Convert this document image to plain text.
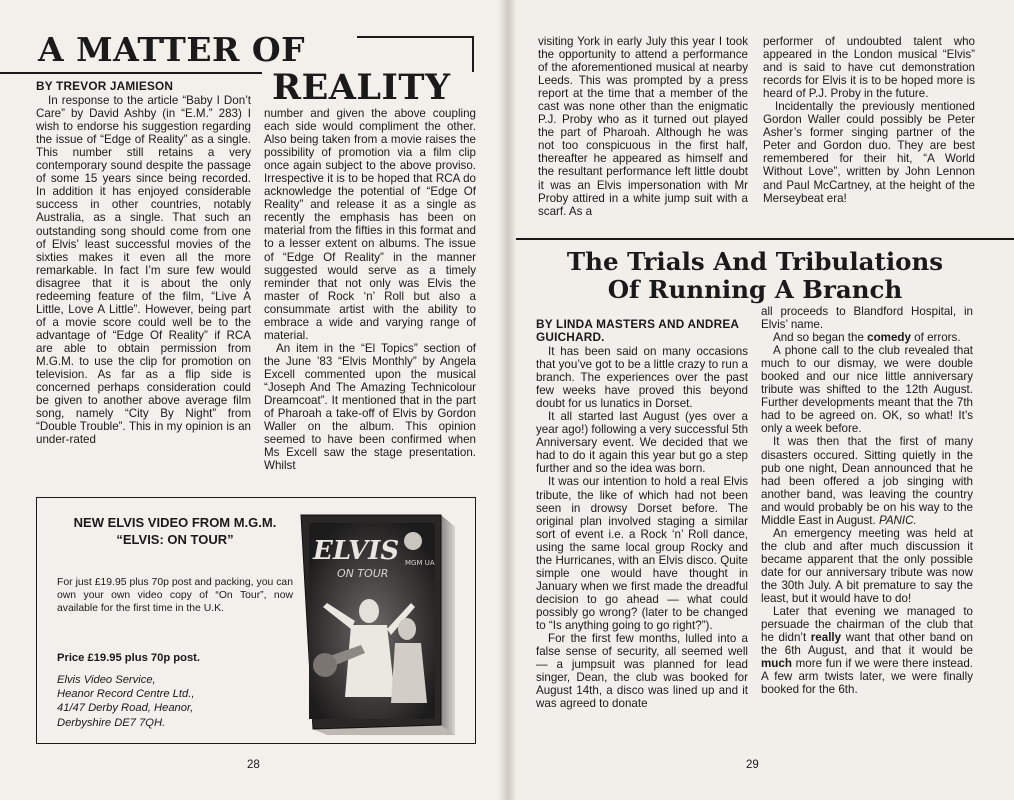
A MATTER OF
REALITY
BY TREVOR JAMIESON

In response to the article “Baby I Don’t Care” by David Ashby (in “E.M.” 283) I wish to endorse his suggestion regarding the issue of “Edge of Reality” as a single. This number still retains a very contemporary sound despite the passage of some 15 years since being recorded. In addition it has enjoyed considerable success in other countries, notably Australia, as a single. That such an outstanding song should come from one of Elvis’ least successful movies of the sixties makes it even all the more remarkable. In fact I’m sure few would disagree that it is about the only redeeming feature of the film, “Live A Little, Love A Little”. However, being part of a movie score could well be to the advantage of “Edge Of Reality” if RCA are able to obtain permission from M.G.M. to use the clip for promotion on television. As far as a flip side is concerned perhaps consideration could be given to another above average film song, namely “City By Night” from “Double Trouble”. This in my opinion is an under-rated

number and given the above coupling each side would compliment the other. Also being taken from a movie raises the possibility of promotion via a film clip once again subject to the above proviso. Irrespective it is to be hoped that RCA do acknowledge the potential of “Edge Of Reality” and release it as a single as recently the emphasis has been on material from the fifties in this format and to a lesser extent on albums. The issue of “Edge Of Reality” in the manner suggested would serve as a timely reminder that not only was Elvis the master of Rock ‘n’ Roll but also a consummate artist with the ability to embrace a wide and varying range of material.

An item in the “El Topics” section of the June ’83 “Elvis Monthly” by Angela Excell commented upon the musical “Joseph And The Amazing Technicolour Dreamcoat”. It mentioned that in the part of Pharoah a take-off of Elvis by Gordon Waller on the album. This opinion seemed to have been confirmed when Ms Excell saw the stage presentation. Whilst

NEW ELVIS VIDEO FROM M.G.M.
“ELVIS: ON TOUR”
For just £19.95 plus 70p post and packing, you can own your own video copy of “On Tour”, now available for the first time in the U.K.
Price £19.95 plus 70p post.
Elvis Video Service,
Heanor Record Centre Ltd.,
41/47 Derby Road, Heanor,
Derbyshire DE7 7QH.
ELVIS
ON TOUR
MGM UA
28

visiting York in early July this year I took the opportunity to attend a performance of the aforementioned musical at nearby Leeds. This was prompted by a press report at the time that a member of the cast was none other than the enigmatic P.J. Proby who as it turned out played the part of Pharoah. Although he was not too conspicuous in the first half, thereafter he appeared as himself and the resultant performance left little doubt it was an Elvis impersonation with Mr Proby attired in a white jump suit with a scarf. As a

performer of undoubted talent who appeared in the London musical “Elvis” and is said to have cut demonstration records for Elvis it is to be hoped more is heard of P.J. Proby in the future.

Incidentally the previously mentioned Gordon Waller could possibly be Peter Asher’s former singing partner of the Peter and Gordon duo. They are best remembered for their hit, “A World Without Love”, written by John Lennon and Paul McCartney, at the height of the Merseybeat era!

The Trials And Tribulations
Of Running A Branch
BY LINDA MASTERS AND ANDREA GUICHARD.

It has been said on many occasions that you’ve got to be a little crazy to run a branch. The experiences over the past few weeks have proved this beyond doubt for us lunatics in Dorset.

It all started last August (yes over a year ago!) following a very successful 5th Anniversary event. We decided that we had to do it again this year but go a step further and so the idea was born.

It was our intention to hold a real Elvis tribute, the like of which had not been seen in drowsy Dorset before. The original plan involved staging a similar sort of event i.e. a Rock ‘n’ Roll dance, using the same local group Rocky and the Hurricanes, with an Elvis disco. Quite simple one would have thought in January when we first made the dreadful decision to go ahead — what could possibly go wrong? (later to be changed to “Is anything going to go right?”).

For the first few months, lulled into a false sense of security, all seemed well — a jumpsuit was planned for lead singer, Dean, the club was booked for August 14th, a disco was lined up and it was agreed to donate

all proceeds to Blandford Hospital, in Elvis’ name.

And so began the comedy of errors.

A phone call to the club revealed that much to our dismay, we were double booked and our nice little anniversary tribute was shifted to the 12th August. Further developments meant that the 7th had to be agreed on. OK, so what! It’s only a week before.

It was then that the first of many disasters occured. Sitting quietly in the pub one night, Dean announced that he had been offered a job singing with another band, was leaving the country and would probably be on his way to the Middle East in August. PANIC.

An emergency meeting was held at the club and after much discussion it became apparent that the only possible date for our anniversary tribute was now the 30th July. A bit premature to say the least, but it would have to do!

Later that evening we managed to persuade the chairman of the club that he didn’t really want that other band on the 6th August, and that it would be much more fun if we were there instead. A few arm twists later, we were finally booked for the 6th.

29
